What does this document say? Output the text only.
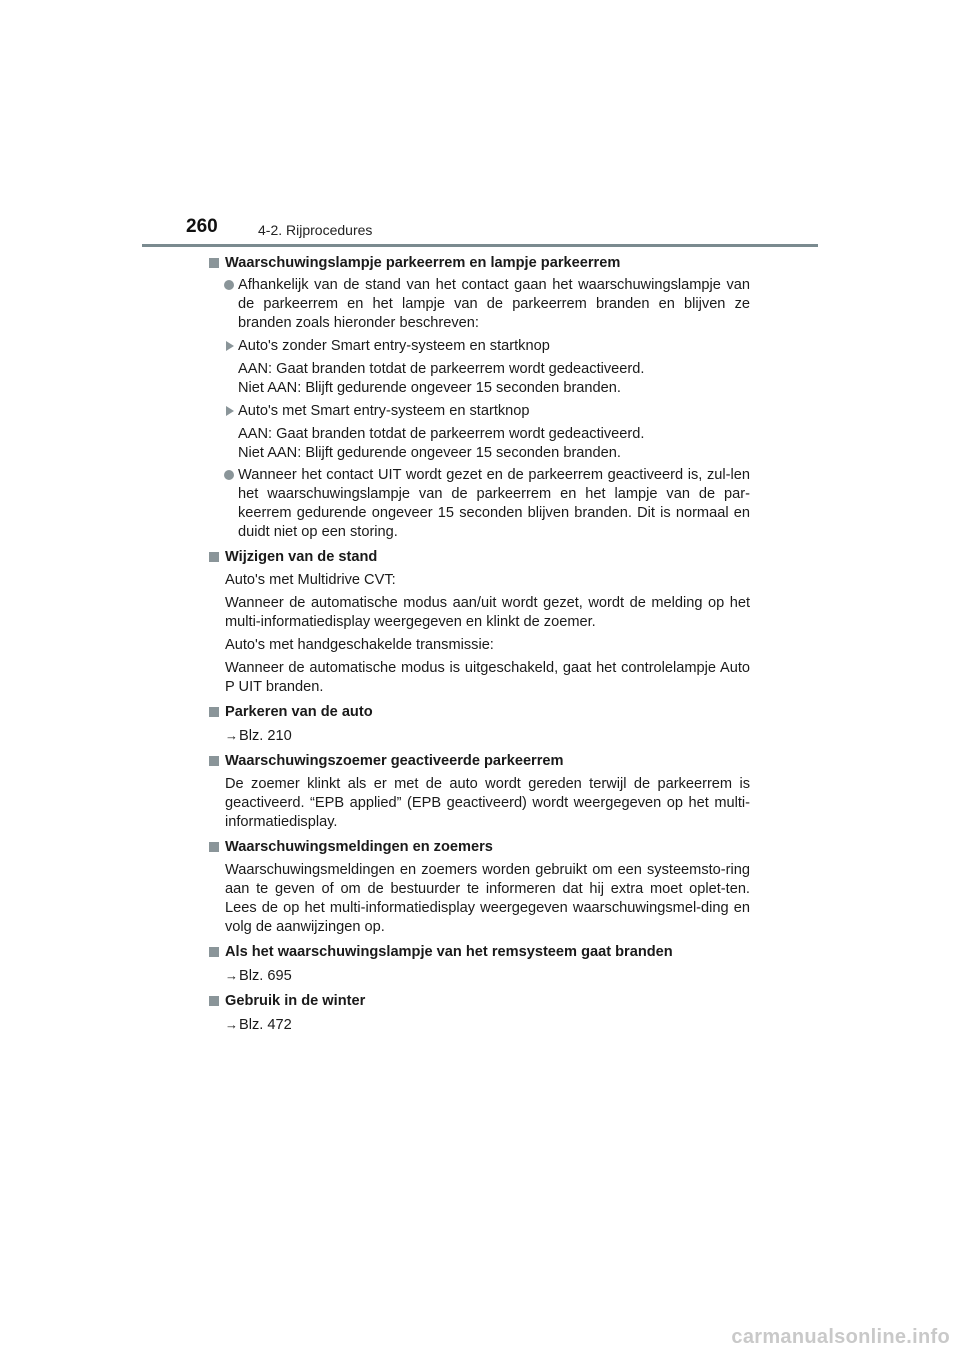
260	4-2. Rijprocedures
Waarschuwingslampje parkeerrem en lampje parkeerrem
Afhankelijk van de stand van het contact gaan het waarschuwingslampje van de parkeerrem en het lampje van de parkeerrem branden en blijven ze branden zoals hieronder beschreven:
Auto's zonder Smart entry-systeem en startknop
AAN: Gaat branden totdat de parkeerrem wordt gedeactiveerd.
Niet AAN: Blijft gedurende ongeveer 15 seconden branden.
Auto's met Smart entry-systeem en startknop
AAN: Gaat branden totdat de parkeerrem wordt gedeactiveerd.
Niet AAN: Blijft gedurende ongeveer 15 seconden branden.
Wanneer het contact UIT wordt gezet en de parkeerrem geactiveerd is, zul-len het waarschuwingslampje van de parkeerrem en het lampje van de par-keerrem gedurende ongeveer 15 seconden blijven branden. Dit is normaal en duidt niet op een storing.
Wijzigen van de stand
Auto's met Multidrive CVT:
Wanneer de automatische modus aan/uit wordt gezet, wordt de melding op het multi-informatiedisplay weergegeven en klinkt de zoemer.
Auto's met handgeschakelde transmissie:
Wanneer de automatische modus is uitgeschakeld, gaat het controlelampje Auto P UIT branden.
Parkeren van de auto
→Blz. 210
Waarschuwingszoemer geactiveerde parkeerrem
De zoemer klinkt als er met de auto wordt gereden terwijl de parkeerrem is geactiveerd. “EPB applied” (EPB geactiveerd) wordt weergegeven op het multi-informatiedisplay.
Waarschuwingsmeldingen en zoemers
Waarschuwingsmeldingen en zoemers worden gebruikt om een systeemsto-ring aan te geven of om de bestuurder te informeren dat hij extra moet oplet-ten. Lees de op het multi-informatiedisplay weergegeven waarschuwingsmel-ding en volg de aanwijzingen op.
Als het waarschuwingslampje van het remsysteem gaat branden
→Blz. 695
Gebruik in de winter
→Blz. 472
carmanualsonline.info
